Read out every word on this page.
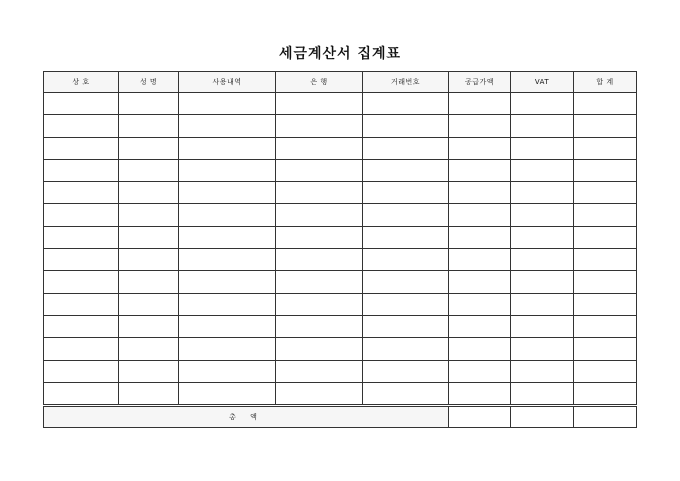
세금계산서 집계표
상 호	성 명	사용내역	은 행	거래번호	공급가액	VAT	합 계

총 액							
